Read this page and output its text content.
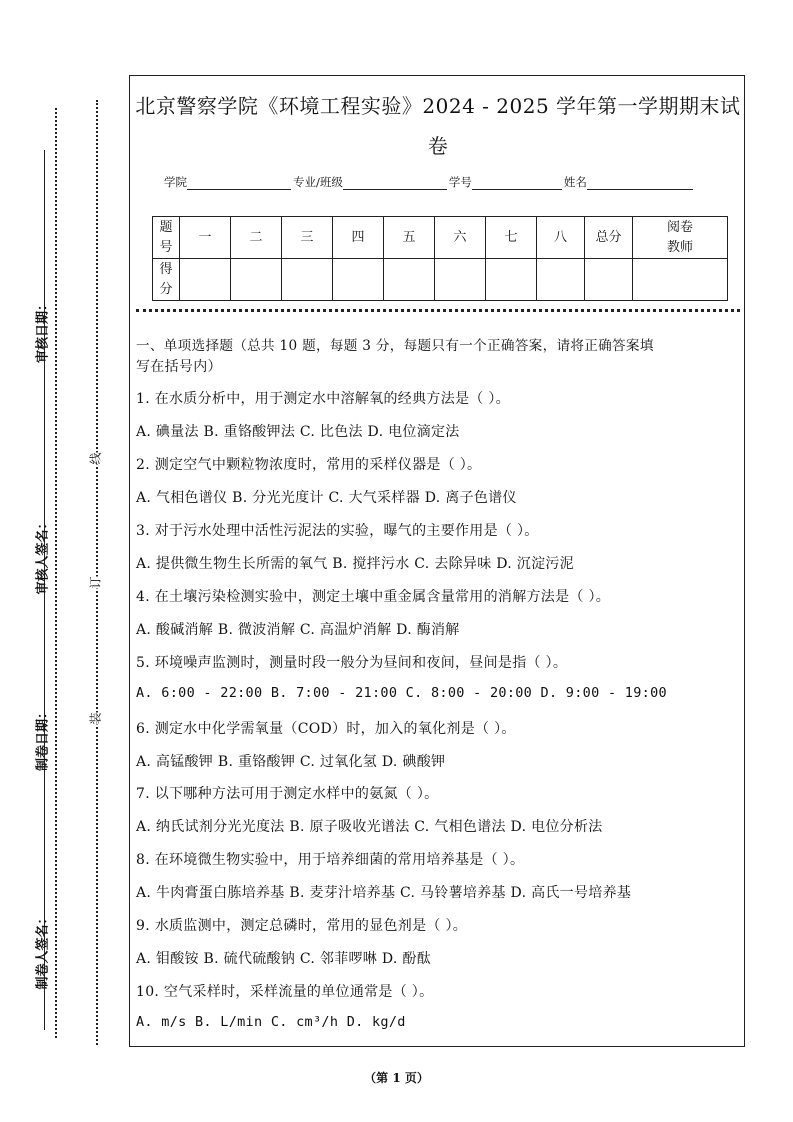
审核日期：
审核人签名：
制卷日期：
制卷人签名：
线
订
装
北京警察学院《环境工程实验》2024 - 2025 学年第一学期期末试
卷
学院	专业/班级	学号	姓名
题号	一	二	三	四	五	六	七	八	总分	阅卷教师
得分										
一、单项选择题（总共 10 题，每题 3 分，每题只有一个正确答案，请将正确答案填
写在括号内）
1. 在水质分析中，用于测定水中溶解氧的经典方法是（ ）。
A. 碘量法 B. 重铬酸钾法 C. 比色法 D. 电位滴定法
2. 测定空气中颗粒物浓度时，常用的采样仪器是（ ）。
A. 气相色谱仪 B. 分光光度计 C. 大气采样器 D. 离子色谱仪
3. 对于污水处理中活性污泥法的实验，曝气的主要作用是（ ）。
A. 提供微生物生长所需的氧气 B. 搅拌污水 C. 去除异味 D. 沉淀污泥
4. 在土壤污染检测实验中，测定土壤中重金属含量常用的消解方法是（ ）。
A. 酸碱消解 B. 微波消解 C. 高温炉消解 D. 酶消解
5. 环境噪声监测时，测量时段一般分为昼间和夜间，昼间是指（ ）。
A. 6:00 - 22:00 B. 7:00 - 21:00 C. 8:00 - 20:00 D. 9:00 - 19:00
6. 测定水中化学需氧量（COD）时，加入的氧化剂是（ ）。
A. 高锰酸钾 B. 重铬酸钾 C. 过氧化氢 D. 碘酸钾
7. 以下哪种方法可用于测定水样中的氨氮（ ）。
A. 纳氏试剂分光光度法 B. 原子吸收光谱法 C. 气相色谱法 D. 电位分析法
8. 在环境微生物实验中，用于培养细菌的常用培养基是（ ）。
A. 牛肉膏蛋白胨培养基 B. 麦芽汁培养基 C. 马铃薯培养基 D. 高氏一号培养基
9. 水质监测中，测定总磷时，常用的显色剂是（ ）。
A. 钼酸铵 B. 硫代硫酸钠 C. 邻菲啰啉 D. 酚酞
10. 空气采样时，采样流量的单位通常是（ ）。
A. m/s B. L/min C. cm³/h D. kg/d
（第 1 页）
